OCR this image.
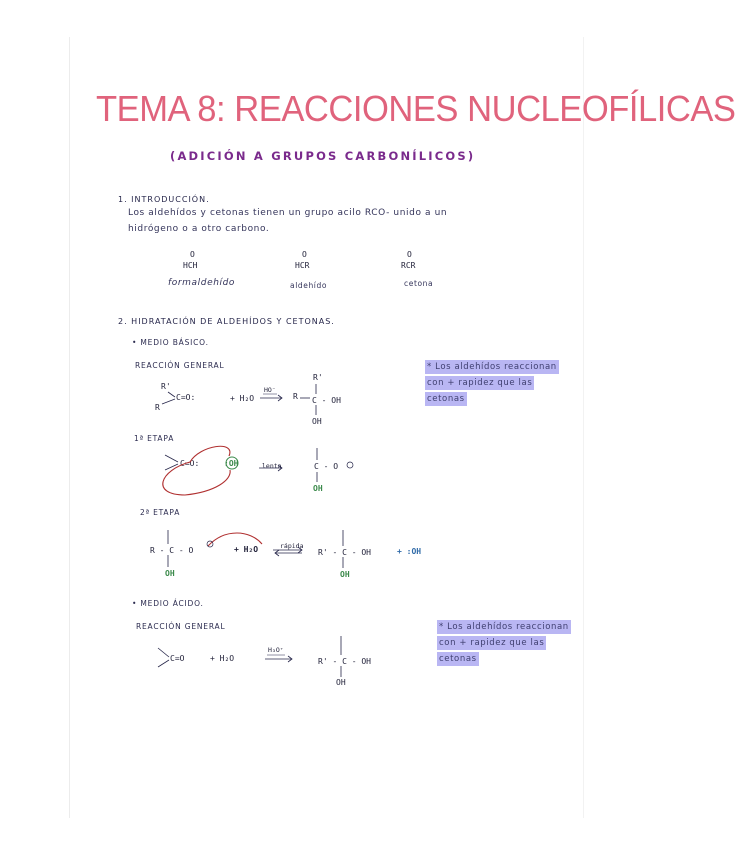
TEMA 8: REACCIONES NUCLEOFÍLICAS
(ADICIÓN A GRUPOS CARBONÍLICOS)
1. INTRODUCCIÓN.
Los aldehídos y cetonas tienen un grupo acilo RCO- unido a un
hidrógeno o a otro carbono.
O
HCH
formaldehído
O
HCR
aldehído
O
RCR
cetona
2. HIDRATACIÓN DE ALDEHÍDOS Y CETONAS.
• MEDIO BÁSICO.
REACCIÓN GENERAL
R'
C=O:
R
+ H₂O
HO⁻
R
R'
C - OH
OH
* Los aldehídos reaccionan
con + rapidez que las
cetonas
1ª ETAPA
C=O:	:OH	lenta	C - O
OH
2ª ETAPA
R - C - O
OH
+ H₂O	rápida
R' - C - OH
OH
+ :OH
• MEDIO ÁCIDO.
REACCIÓN GENERAL
C=O	+ H₂O
H₃O⁺
R' - C - OH
OH
* Los aldehídos reaccionan
con + rapidez que las
cetonas
